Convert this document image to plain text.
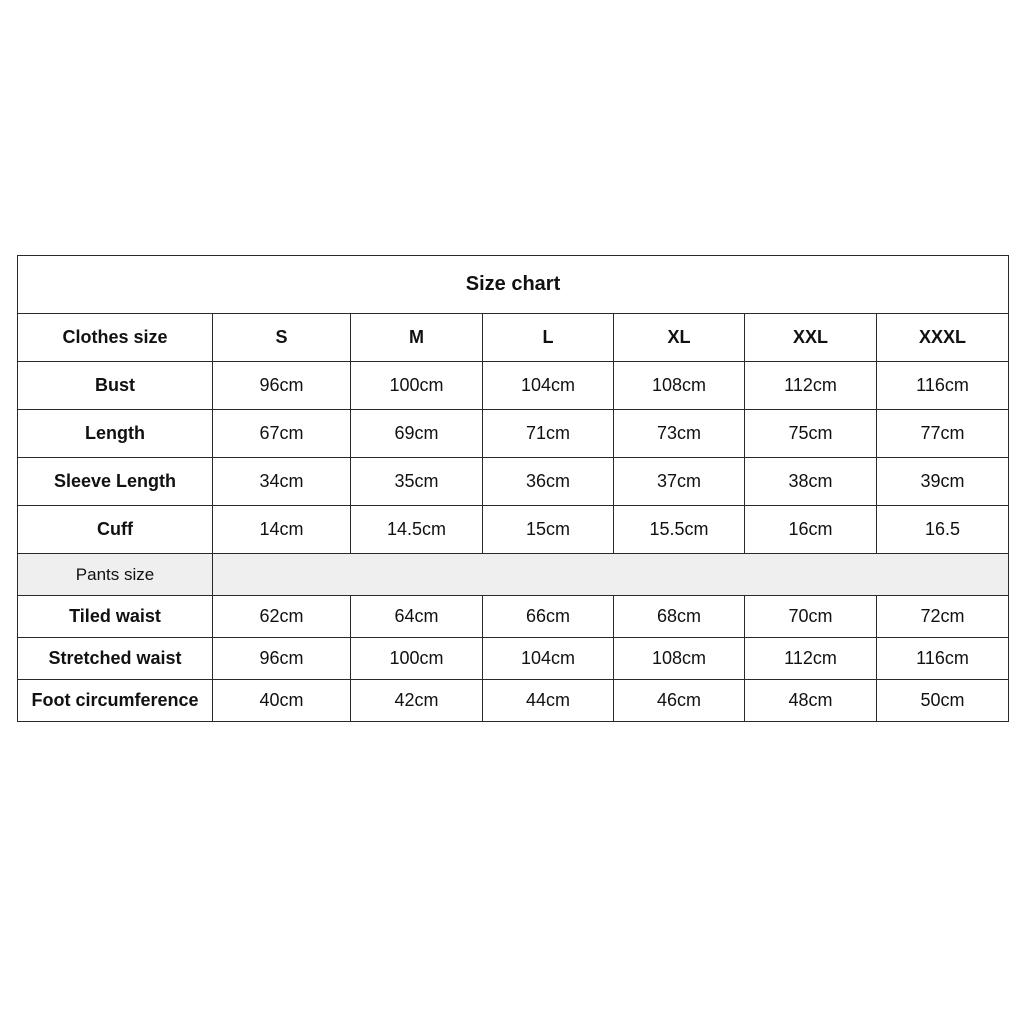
Size chart						
Clothes size	S	M	L	XL	XXL	XXXL
Bust	96cm	100cm	104cm	108cm	112cm	116cm
Length	67cm	69cm	71cm	73cm	75cm	77cm
Sleeve Length	34cm	35cm	36cm	37cm	38cm	39cm
Cuff	14cm	14.5cm	15cm	15.5cm	16cm	16.5
Pants size						
Tiled waist	62cm	64cm	66cm	68cm	70cm	72cm
Stretched waist	96cm	100cm	104cm	108cm	112cm	116cm
Foot circumference	40cm	42cm	44cm	46cm	48cm	50cm
